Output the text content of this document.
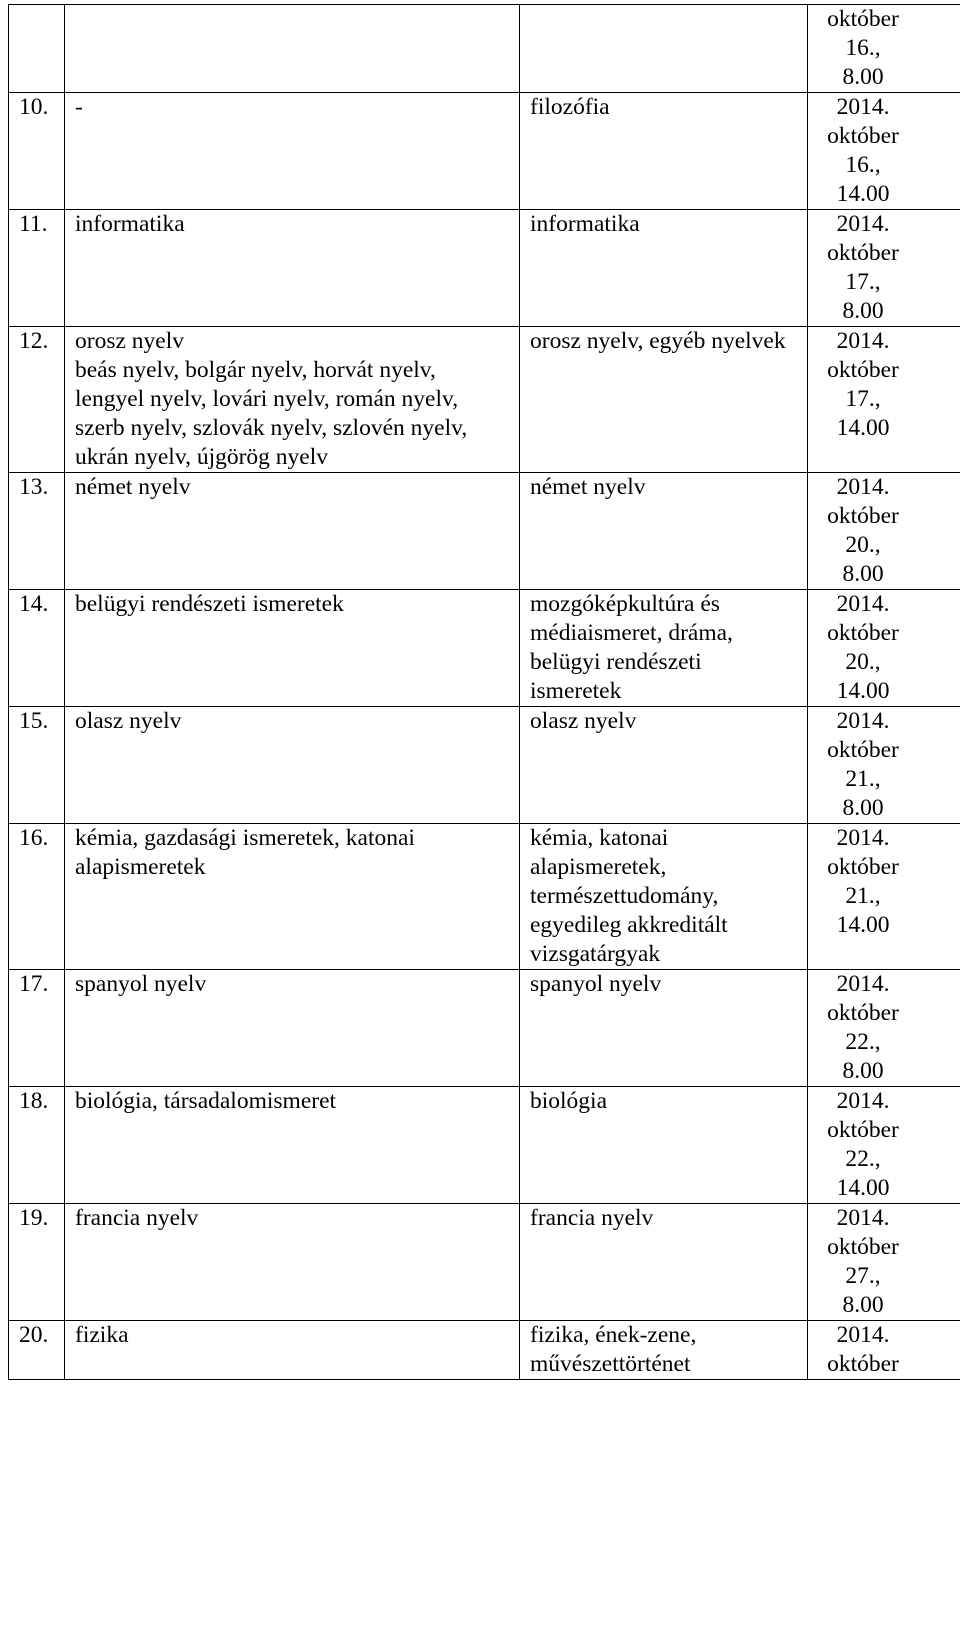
			október
16.,
8.00

10.	-	filozófia	2014.
október
16.,
14.00

11.	informatika	informatika	2014.
október
17.,
8.00

12.	orosz nyelv
beás nyelv, bolgár nyelv, horvát nyelv, lengyel nyelv, lovári nyelv, román nyelv, szerb nyelv, szlovák nyelv, szlovén nyelv, ukrán nyelv, újgörög nyelv	orosz nyelv, egyéb nyelvek	2014.
október
17.,
14.00

13.	német nyelv	német nyelv	2014.
október
20.,
8.00

14.	belügyi rendészeti ismeretek	mozgóképkultúra és médiaismeret, dráma, belügyi rendészeti ismeretek	2014.
október
20.,
14.00

15.	olasz nyelv	olasz nyelv	2014.
október
21.,
8.00

16.	kémia, gazdasági ismeretek, katonai alapismeretek	kémia, katonai alapismeretek, természettudomány, egyedileg akkreditált vizsgatárgyak	2014.
október
21.,
14.00

17.	spanyol nyelv	spanyol nyelv	2014.
október
22.,
8.00

18.	biológia, társadalomismeret	biológia	2014.
október
22.,
14.00

19.	francia nyelv	francia nyelv	2014.
október
27.,
8.00

20.	fizika	fizika, ének-zene, művészettörténet	2014.
október
